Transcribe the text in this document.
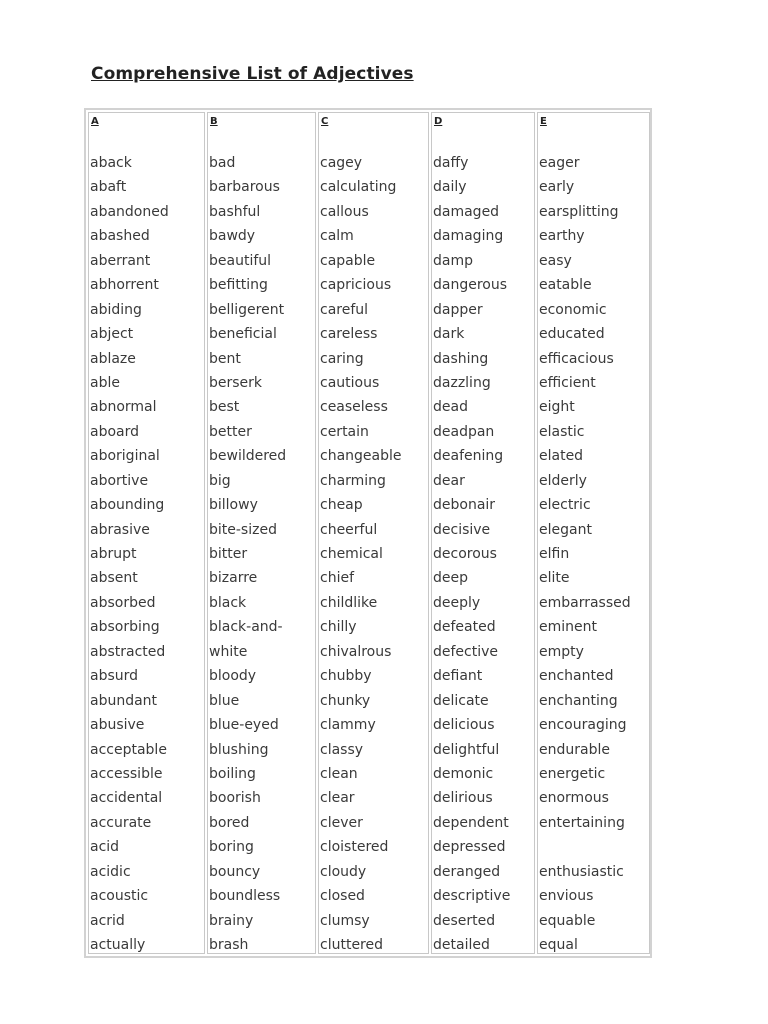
Comprehensive List of Adjectives
A
aback
abaft
abandoned
abashed
aberrant
abhorrent
abiding
abject
ablaze
able
abnormal
aboard
aboriginal
abortive
abounding
abrasive
abrupt
absent
absorbed
absorbing
abstracted
absurd
abundant
abusive
acceptable
accessible
accidental
accurate
acid
acidic
acoustic
acrid
actually
B
bad
barbarous
bashful
bawdy
beautiful
befitting
belligerent
beneficial
bent
berserk
best
better
bewildered
big
billowy
bite-sized
bitter
bizarre
black
black-and-
white
bloody
blue
blue-eyed
blushing
boiling
boorish
bored
boring
bouncy
boundless
brainy
brash
C
cagey
calculating
callous
calm
capable
capricious
careful
careless
caring
cautious
ceaseless
certain
changeable
charming
cheap
cheerful
chemical
chief
childlike
chilly
chivalrous
chubby
chunky
clammy
classy
clean
clear
clever
cloistered
cloudy
closed
clumsy
cluttered
D
daffy
daily
damaged
damaging
damp
dangerous
dapper
dark
dashing
dazzling
dead
deadpan
deafening
dear
debonair
decisive
decorous
deep
deeply
defeated
defective
defiant
delicate
delicious
delightful
demonic
delirious
dependent
depressed
deranged
descriptive
deserted
detailed
E
eager
early
earsplitting
earthy
easy
eatable
economic
educated
efficacious
efficient
eight
elastic
elated
elderly
electric
elegant
elfin
elite
embarrassed
eminent
empty
enchanted
enchanting
encouraging
endurable
energetic
enormous
entertaining
enthusiastic
envious
equable
equal
